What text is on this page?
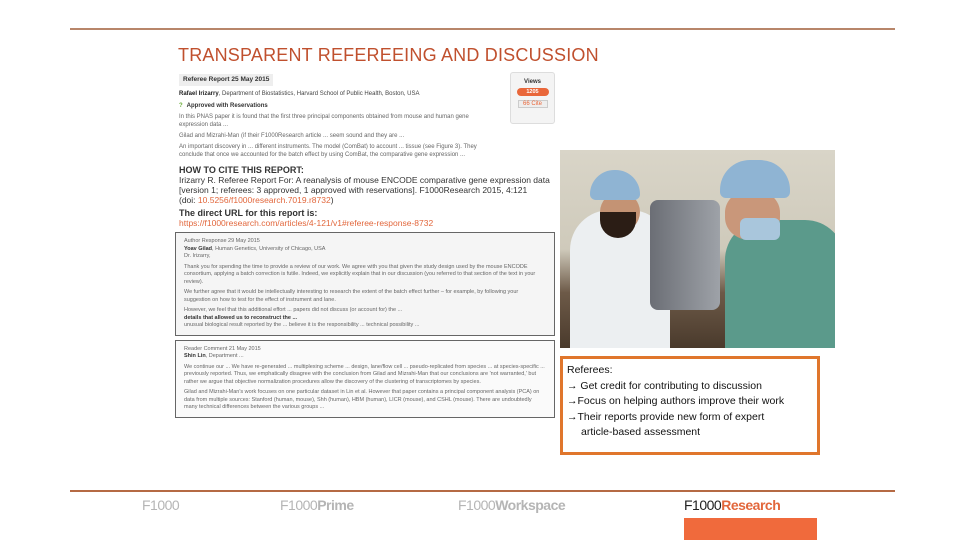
TRANSPARENT REFEREEING AND DISCUSSION
Referee Report 25 May 2015
Rafael Irizarry, Department of Biostatistics, Harvard School of Public Health, Boston, USA
? Approved with Reservations

In this PNAS paper it is found that the first three principal components obtained from mouse and human gene expression data ...

Gilad and Mizrahi-Man (if their F1000Research article ... seem sound and they are ...

An important discovery in ... different instruments. The model (ComBat) to account ... tissue (see Figure 3). They conclude that once we accounted for the batch effect by using ComBat, the comparative gene expression ...

Views
1205
66 Cite
HOW TO CITE THIS REPORT:
Irizarry R. Referee Report For: A reanalysis of mouse ENCODE comparative gene expression data [version 1; referees: 3 approved, 1 approved with reservations]. F1000Research 2015, 4:121
(doi: 10.5256/f1000research.7019.r8732)
The direct URL for this report is:
https://f1000research.com/articles/4-121/v1#referee-response-8732
Author Response 29 May 2015
Yoav Gilad, Human Genetics, University of Chicago, USA
Dr. Irizarry,

Thank you for spending the time to provide a review of our work. We agree with you that given the study design used by the mouse ENCODE consortium, applying a batch correction is futile. Indeed, we explicitly explain that in our discussion (you referred to that section of the text in your review).

We further agree that it would be intellectually interesting to research the extent of the batch effect further – for example, by following your suggestion on how to test for the effect of instrument and lane.

However, we feel that this additional effort ... papers did not discuss (or account for) the ...

details that allowed us to reconstruct the ...
unusual biological result reported by the ... believe it is the responsibility ... technical possibility ...
Reader Comment 21 May 2015
Shin Lin, Department ...

We continue our ... We have re-generated ... multiplexing scheme ... design, lane/flow cell ... pseudo-replicated from species ... at species-specific ... previously reported. Thus, we emphatically disagree with the conclusion from Gilad and Mizrahi-Man that our conclusions are 'not warranted,' but rather we argue that objective normalization procedures allow the discovery of the clustering of transcriptomes by species.

Gilad and Mizrahi-Man's work focuses on one particular dataset in Lin et al. However that paper contains a principal component analysis (PCA) on data from multiple sources: Stanford (human, mouse), Shh (human), HBM (human), LICR (mouse), and CSHL (mouse). There are undoubtedly many technical differences between the various groups ...

Referees:
→ Get credit for contributing to discussion
→Focus on helping authors improve their work
→Their reports provide new form of expert
article-based assessment
F1000	F1000Prime	F1000Workspace	F1000Research
